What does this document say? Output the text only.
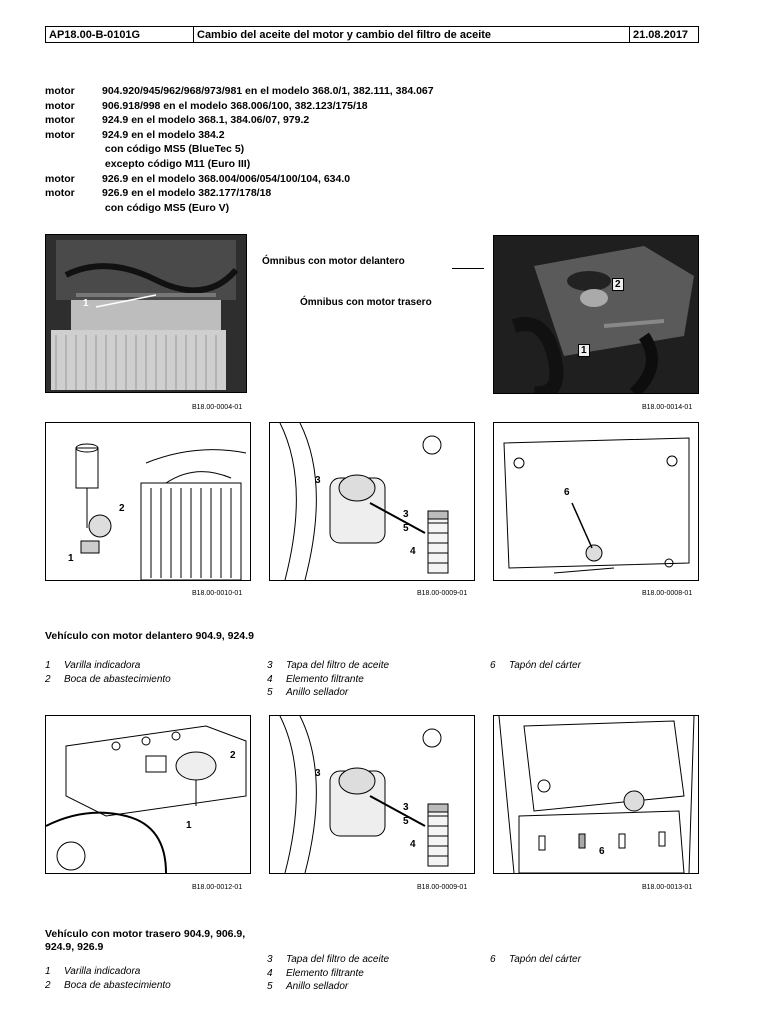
AP18.00-B-0101G	Cambio del aceite del motor y cambio del filtro de aceite	21.08.2017
motor	904.920/945/962/968/973/981 en el modelo 368.0/1, 382.111, 384.067
motor	906.918/998 en el modelo 368.006/100, 382.123/175/18
motor	924.9 en el modelo 368.1, 384.06/07, 979.2
motor	924.9 en el modelo 384.2
con código MS5 (BlueTec 5)
excepto código M11 (Euro III)
motor	926.9 en el modelo 368.004/006/054/100/104, 634.0
motor	926.9 en el modelo 382.177/178/18
con código MS5 (Euro V)
1
B18.00-0004-01
Ómnibus con motor delantero
Ómnibus con motor trasero
2
1
B18.00-0014-01
2
1
B18.00-0010-01
3
3
5
4
B18.00-0009-01
6
B18.00-0008-01
Vehículo con motor delantero 904.9, 924.9
1	Varilla indicadora
2	Boca de abastecimiento
3	Tapa del filtro de aceite
4	Elemento filtrante
5	Anillo sellador
6	Tapón del cárter
2
1
B18.00-0012-01
3
3
5
4
B18.00-0009-01
6
B18.00-0013-01
Vehículo con motor trasero 904.9, 906.9,
924.9, 926.9
1	Varilla indicadora
2	Boca de abastecimiento
3	Tapa del filtro de aceite
4	Elemento filtrante
5	Anillo sellador
6	Tapón del cárter
